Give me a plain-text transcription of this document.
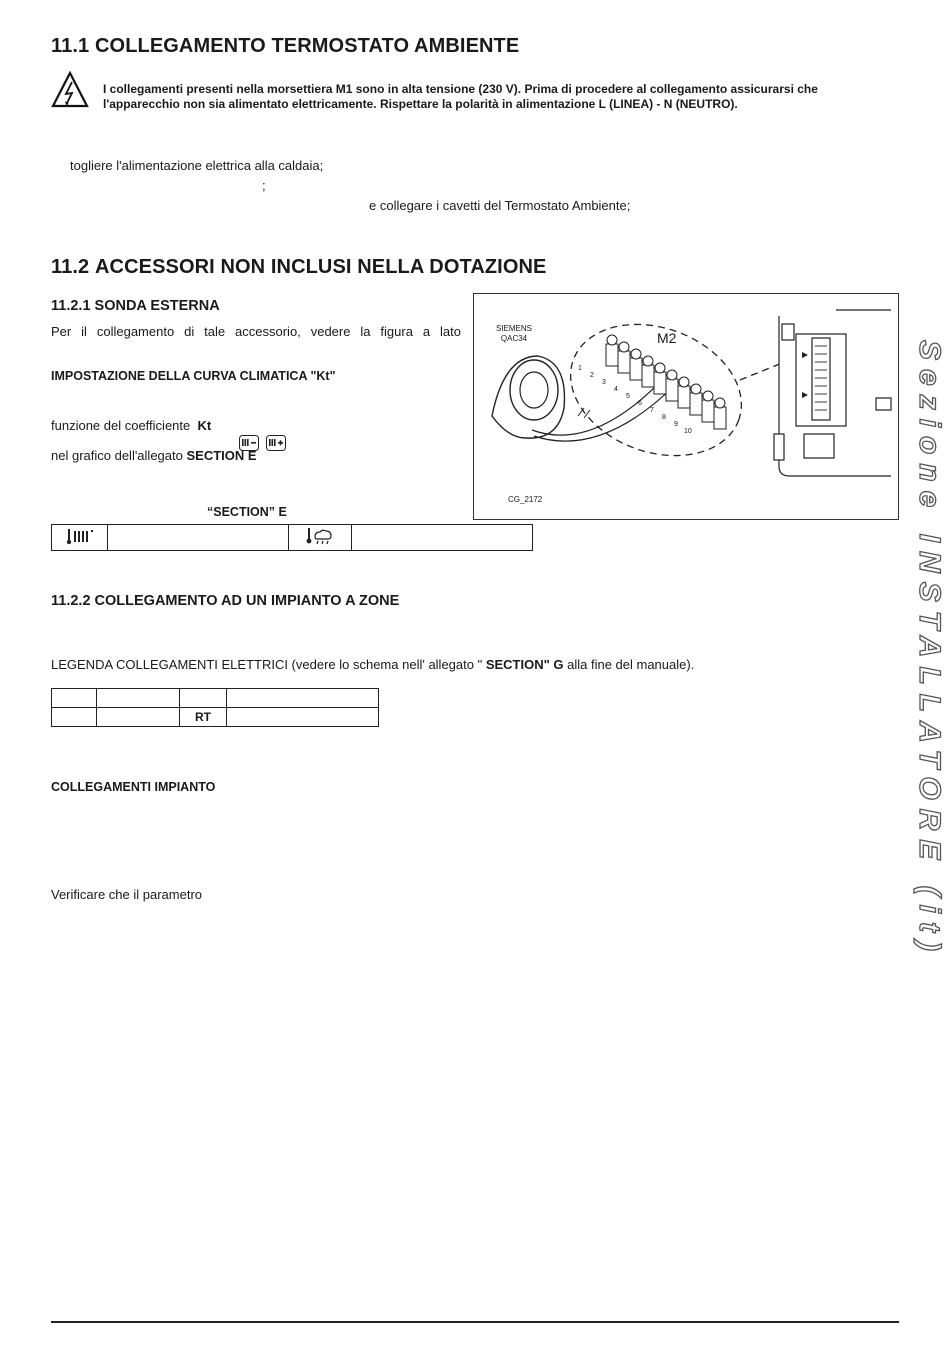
11.1 COLLEGAMENTO TERMOSTATO AMBIENTE
I collegamenti presenti nella morsettiera M1 sono in alta tensione (230 V). Prima di procedere al collegamento assicurarsi che
l'apparecchio non sia alimentato elettricamente. Rispettare la polarità in alimentazione L (LINEA) - N (NEUTRO).
togliere l'alimentazione elettrica alla caldaia;
;
e collegare i cavetti del Termostato Ambiente;
11.2 ACCESSORI NON INCLUSI NELLA DOTAZIONE
11.2.1 SONDA ESTERNA
Per il collegamento di tale accessorio, vedere la figura a lato
IMPOSTAZIONE DELLA CURVA CLIMATICA "Kt"
funzione del coefficiente Kt
nel grafico dell'allegato SECTION E
“SECTION” E

SIEMENS
QAC34	M2
1
2
3
4
5
6
7
8
9
10
CG_2172
11.2.2 COLLEGAMENTO AD UN IMPIANTO A ZONE
LEGENDA COLLEGAMENTI ELETTRICI (vedere lo schema nell' allegato " SECTION" G alla fine del manuale).

		RT	
COLLEGAMENTI IMPIANTO
Verificare che il parametro	Sezione INSTALLATORE (it)
